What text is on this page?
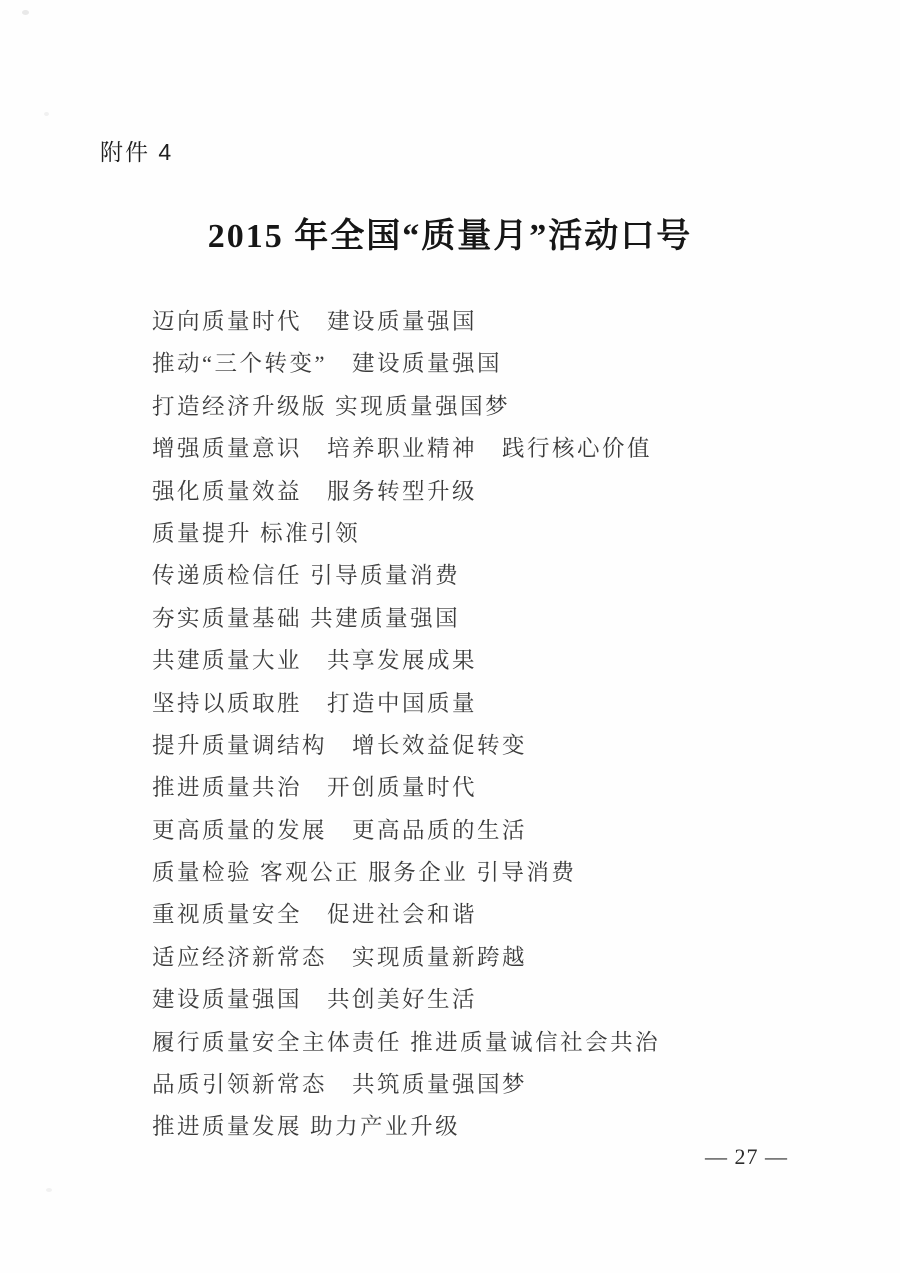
附件 4
2015 年全国“质量月”活动口号
迈向质量时代　建设质量强国
推动“三个转变”　建设质量强国
打造经济升级版 实现质量强国梦
增强质量意识　培养职业精神　践行核心价值
强化质量效益　服务转型升级
质量提升 标准引领
传递质检信任 引导质量消费
夯实质量基础 共建质量强国
共建质量大业　共享发展成果
坚持以质取胜　打造中国质量
提升质量调结构　增长效益促转变
推进质量共治　开创质量时代
更高质量的发展　更高品质的生活
质量检验 客观公正 服务企业 引导消费
重视质量安全　促进社会和谐
适应经济新常态　实现质量新跨越
建设质量强国　共创美好生活
履行质量安全主体责任 推进质量诚信社会共治
品质引领新常态　共筑质量强国梦
推进质量发展 助力产业升级
— 27 —
